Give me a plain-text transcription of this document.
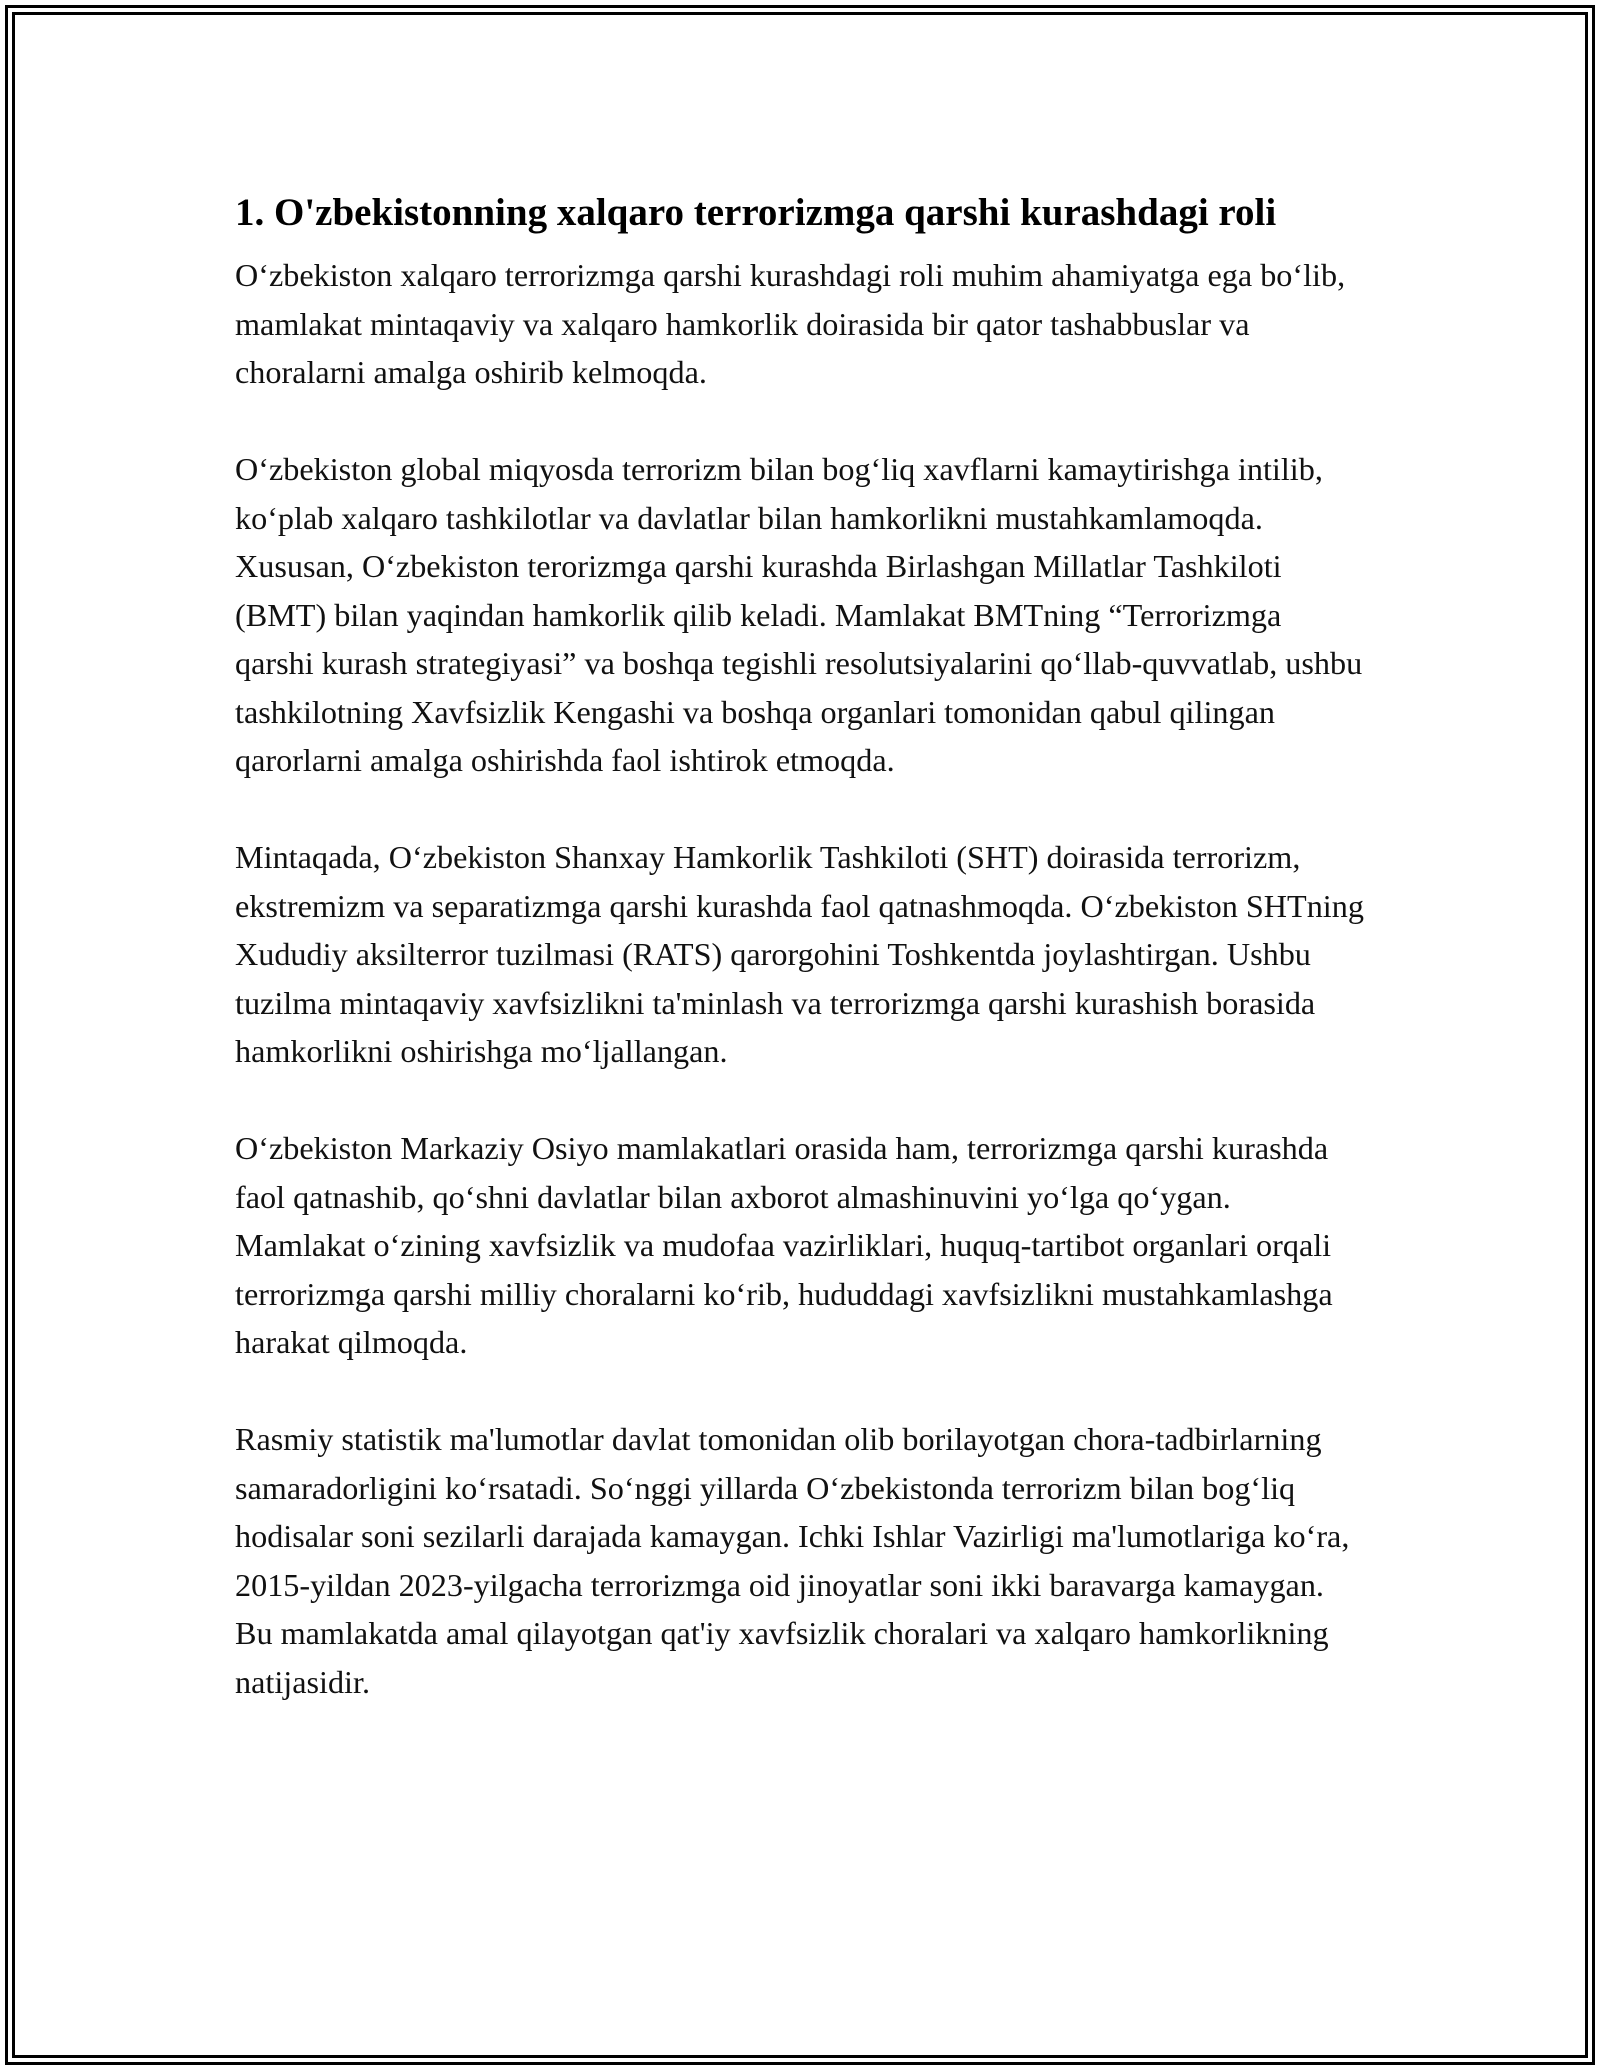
1. O'zbekistonning xalqaro terrorizmga qarshi kurashdagi roli

O‘zbekiston xalqaro terrorizmga qarshi kurashdagi roli muhim ahamiyatga ega bo‘lib, mamlakat mintaqaviy va xalqaro hamkorlik doirasida bir qator tashabbuslar va choralarni amalga oshirib kelmoqda.

O‘zbekiston global miqyosda terrorizm bilan bog‘liq xavflarni kamaytirishga intilib, ko‘plab xalqaro tashkilotlar va davlatlar bilan hamkorlikni mustahkamlamoqda. Xususan, O‘zbekiston terorizmga qarshi kurashda Birlashgan Millatlar Tashkiloti (BMT) bilan yaqindan hamkorlik qilib keladi. Mamlakat BMTning “Terrorizmga qarshi kurash strategiyasi” va boshqa tegishli resolutsiyalarini qo‘llab-quvvatlab, ushbu tashkilotning Xavfsizlik Kengashi va boshqa organlari tomonidan qabul qilingan qarorlarni amalga oshirishda faol ishtirok etmoqda.

Mintaqada, O‘zbekiston Shanxay Hamkorlik Tashkiloti (SHT) doirasida terrorizm, ekstremizm va separatizmga qarshi kurashda faol qatnashmoqda. O‘zbekiston SHTning Xududiy aksilterror tuzilmasi (RATS) qarorgohini Toshkentda joylashtirgan. Ushbu tuzilma mintaqaviy xavfsizlikni ta'minlash va terrorizmga qarshi kurashish borasida hamkorlikni oshirishga mo‘ljallangan.

O‘zbekiston Markaziy Osiyo mamlakatlari orasida ham, terrorizmga qarshi kurashda faol qatnashib, qo‘shni davlatlar bilan axborot almashinuvini yo‘lga qo‘ygan. Mamlakat o‘zining xavfsizlik va mudofaa vazirliklari, huquq-tartibot organlari orqali terrorizmga qarshi milliy choralarni ko‘rib, hududdagi xavfsizlikni mustahkamlashga harakat qilmoqda.

Rasmiy statistik ma'lumotlar davlat tomonidan olib borilayotgan chora-tadbirlarning samaradorligini ko‘rsatadi. So‘nggi yillarda O‘zbekistonda terrorizm bilan bog‘liq hodisalar soni sezilarli darajada kamaygan. Ichki Ishlar Vazirligi ma'lumotlariga ko‘ra, 2015-yildan 2023-yilgacha terrorizmga oid jinoyatlar soni ikki baravarga kamaygan. Bu mamlakatda amal qilayotgan qat'iy xavfsizlik choralari va xalqaro hamkorlikning natijasidir.
